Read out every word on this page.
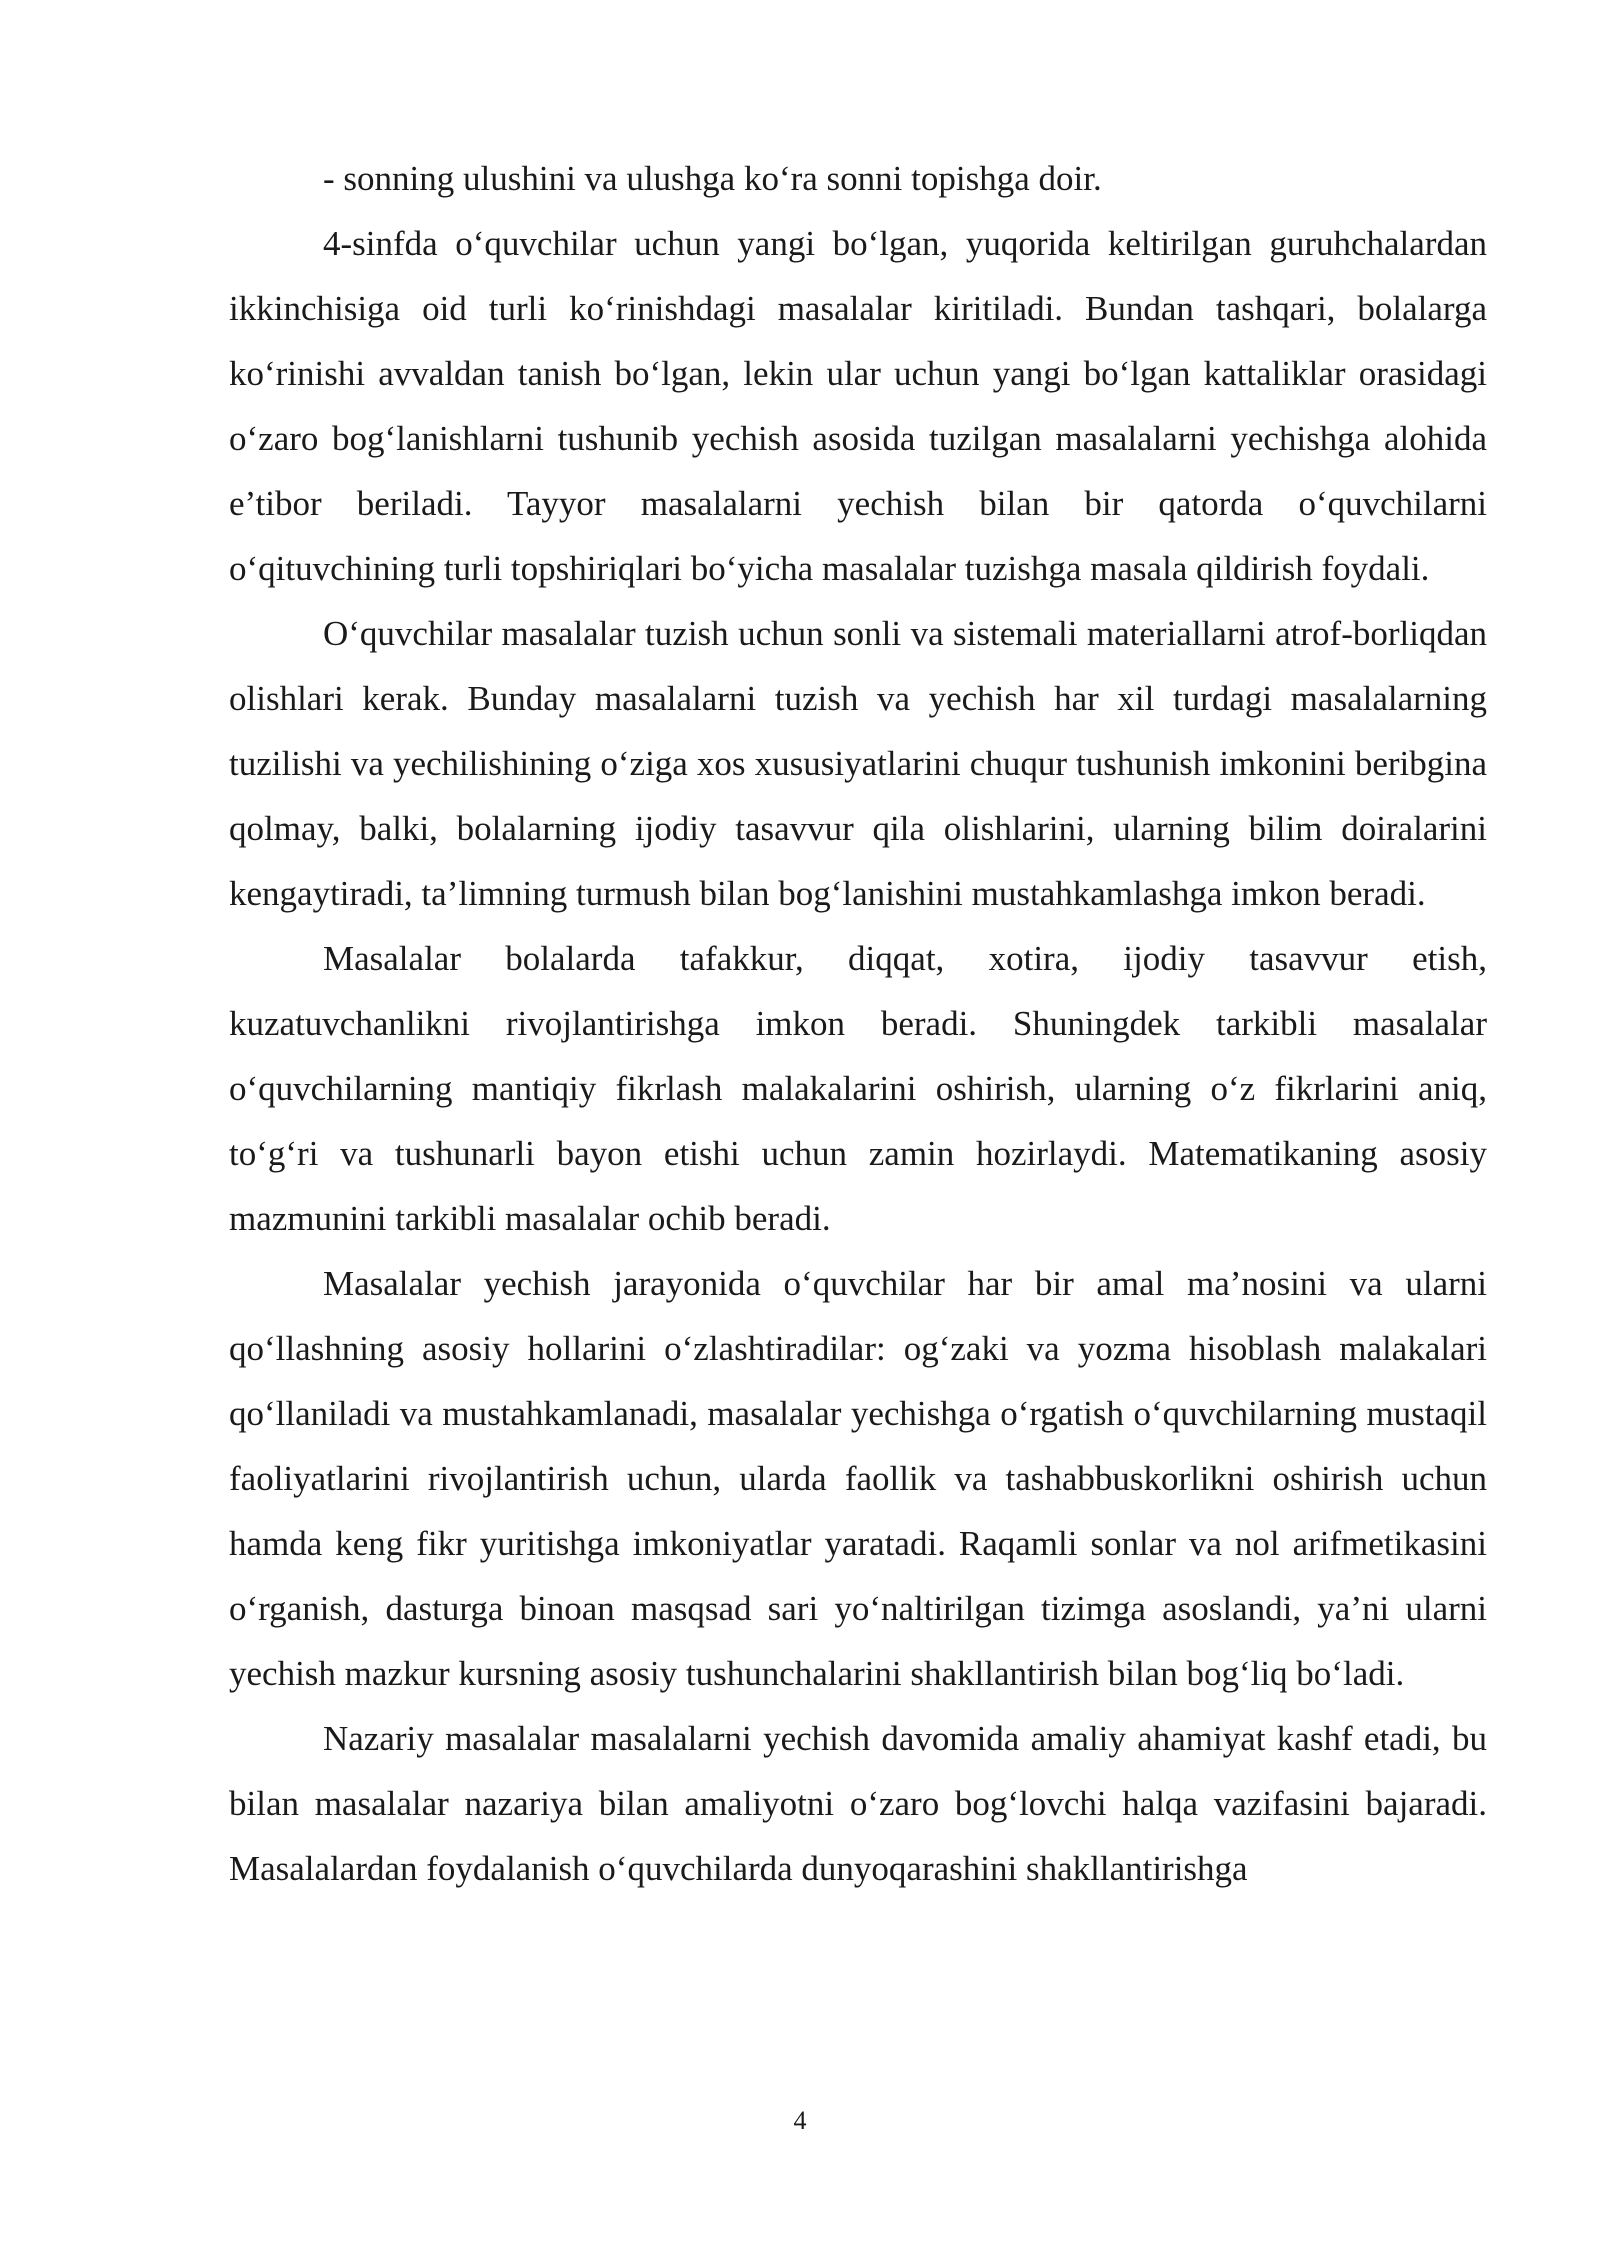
- sonning ulushini va ulushga ko‘ra sonni topishga doir.

4-sinfda o‘quvchilar uchun yangi bo‘lgan, yuqorida keltirilgan guruhchalardan ikkinchisiga oid turli ko‘rinishdagi masalalar kiritiladi. Bundan tashqari, bolalarga ko‘rinishi avvaldan tanish bo‘lgan, lekin ular uchun yangi bo‘lgan kattaliklar orasidagi o‘zaro bog‘lanishlarni tushunib yechish asosida tuzilgan masalalarni yechishga alohida e’tibor beriladi. Tayyor masalalarni yechish bilan bir qatorda o‘quvchilarni o‘qituvchining turli topshiriqlari bo‘yicha masalalar tuzishga masala qildirish foydali.

O‘quvchilar masalalar tuzish uchun sonli va sistemali materiallarni atrof-borliqdan olishlari kerak. Bunday masalalarni tuzish va yechish har xil turdagi masalalarning tuzilishi va yechilishining o‘ziga xos xususiyatlarini chuqur tushunish imkonini beribgina qolmay, balki, bolalarning ijodiy tasavvur qila olishlarini, ularning bilim doiralarini kengaytiradi, ta’limning turmush bilan bog‘lanishini mustahkamlashga imkon beradi.

Masalalar bolalarda tafakkur, diqqat, xotira, ijodiy tasavvur etish, kuzatuvchanlikni rivojlantirishga imkon beradi. Shuningdek tarkibli masalalar o‘quvchilarning mantiqiy fikrlash malakalarini oshirish, ularning o‘z fikrlarini aniq, to‘g‘ri va tushunarli bayon etishi uchun zamin hozirlaydi. Matematikaning asosiy mazmunini tarkibli masalalar ochib beradi.

Masalalar yechish jarayonida o‘quvchilar har bir amal ma’nosini va ularni qo‘llashning asosiy hollarini o‘zlashtiradilar: og‘zaki va yozma hisoblash malakalari qo‘llaniladi va mustahkamlanadi, masalalar yechishga o‘rgatish o‘quvchilarning mustaqil faoliyatlarini rivojlantirish uchun, ularda faollik va tashabbuskorlikni oshirish uchun hamda keng fikr yuritishga imkoniyatlar yaratadi. Raqamli sonlar va nol arifmetikasini o‘rganish, dasturga binoan masqsad sari yo‘naltirilgan tizimga asoslandi, ya’ni ularni yechish mazkur kursning asosiy tushunchalarini shakllantirish bilan bog‘liq bo‘ladi.

Nazariy masalalar masalalarni yechish davomida amaliy ahamiyat kashf etadi, bu bilan masalalar nazariya bilan amaliyotni o‘zaro bog‘lovchi halqa vazifasini bajaradi. Masalalardan foydalanish o‘quvchilarda dunyoqarashini shakllantirishga

4
